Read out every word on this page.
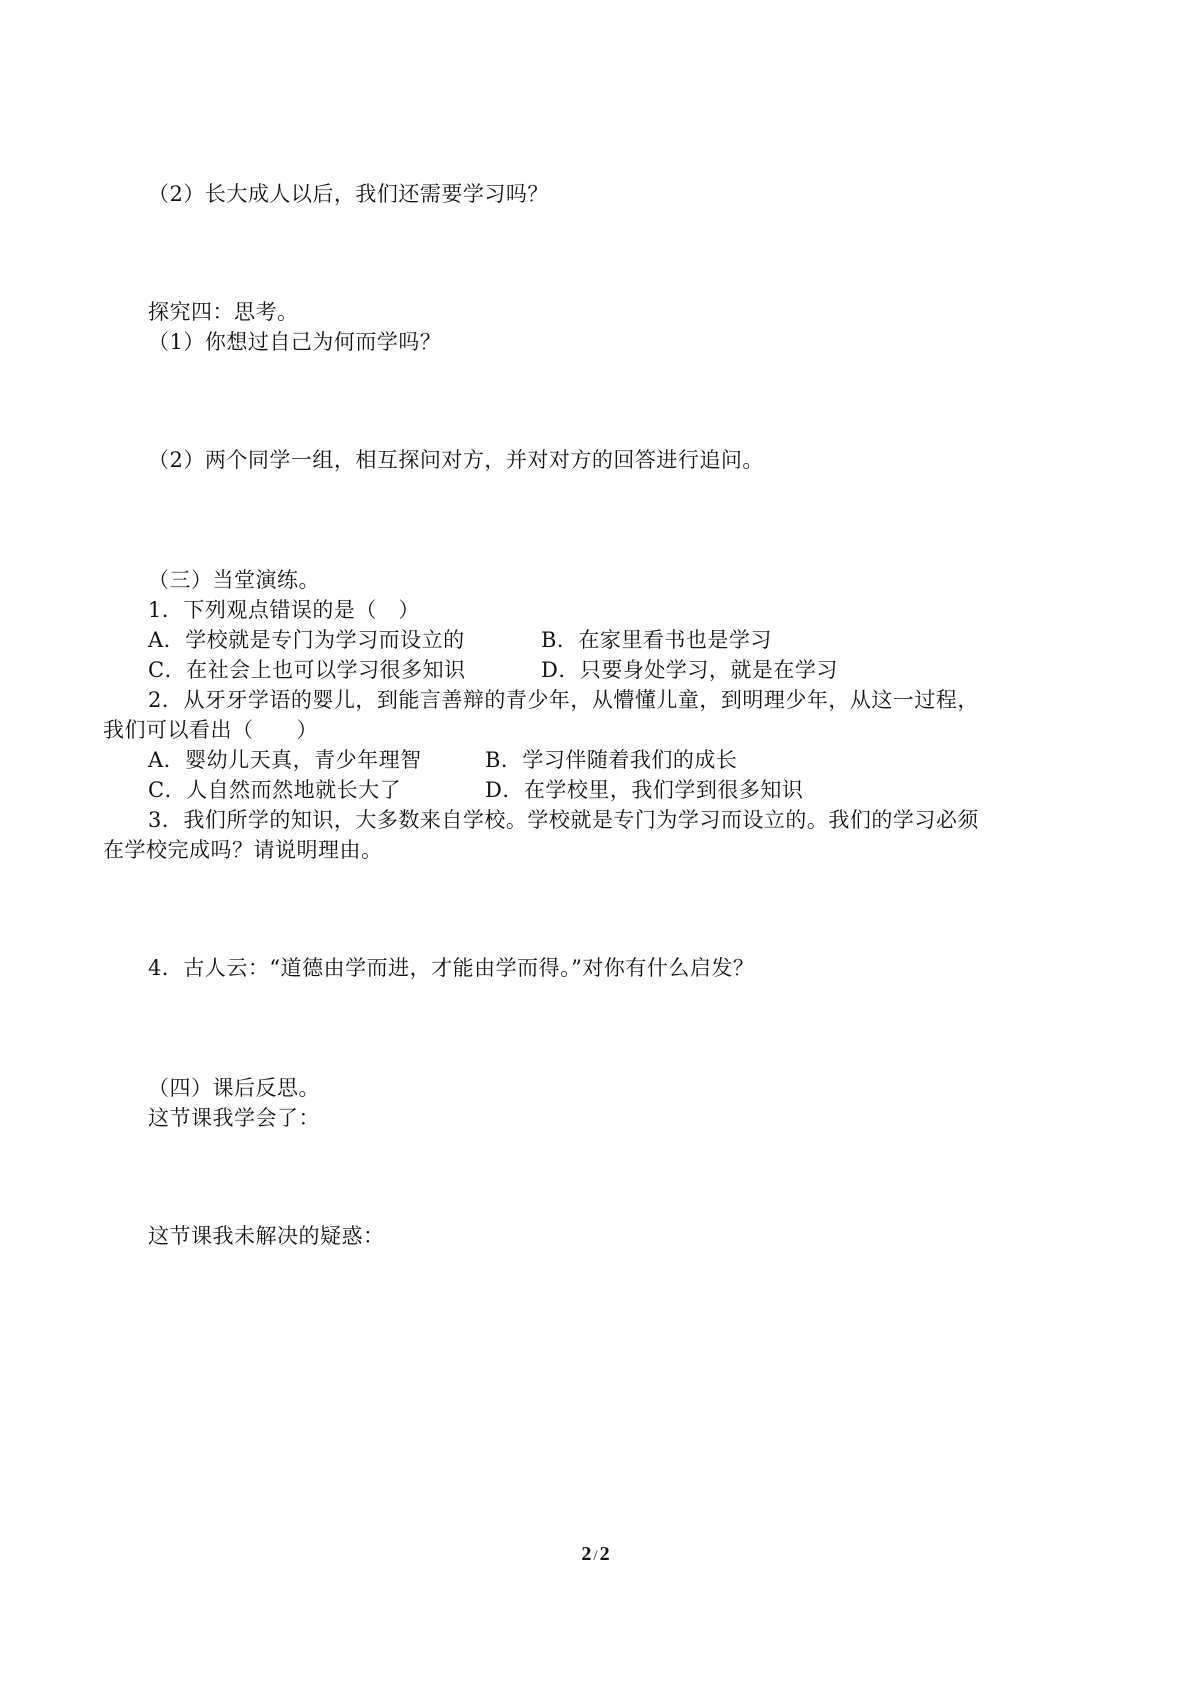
（2）长大成人以后，我们还需要学习吗？
探究四：思考。
（1）你想过自己为何而学吗？
（2）两个同学一组，相互探问对方，并对对方的回答进行追问。
（三）当堂演练。
1．下列观点错误的是（　）
A．学校就是专门为学习而设立的	B．在家里看书也是学习
C．在社会上也可以学习很多知识	D．只要身处学习，就是在学习
2．从牙牙学语的婴儿，到能言善辩的青少年，从懵懂儿童，到明理少年，从这一过程，
我们可以看出（　　）
A．婴幼儿天真，青少年理智	B．学习伴随着我们的成长
C．人自然而然地就长大了	D．在学校里，我们学到很多知识
3．我们所学的知识，大多数来自学校。学校就是专门为学习而设立的。我们的学习必须
在学校完成吗？请说明理由。
4．古人云：“道德由学而进，才能由学而得。”对你有什么启发？
（四）课后反思。
这节课我学会了：
这节课我未解决的疑惑：
2 / 2
